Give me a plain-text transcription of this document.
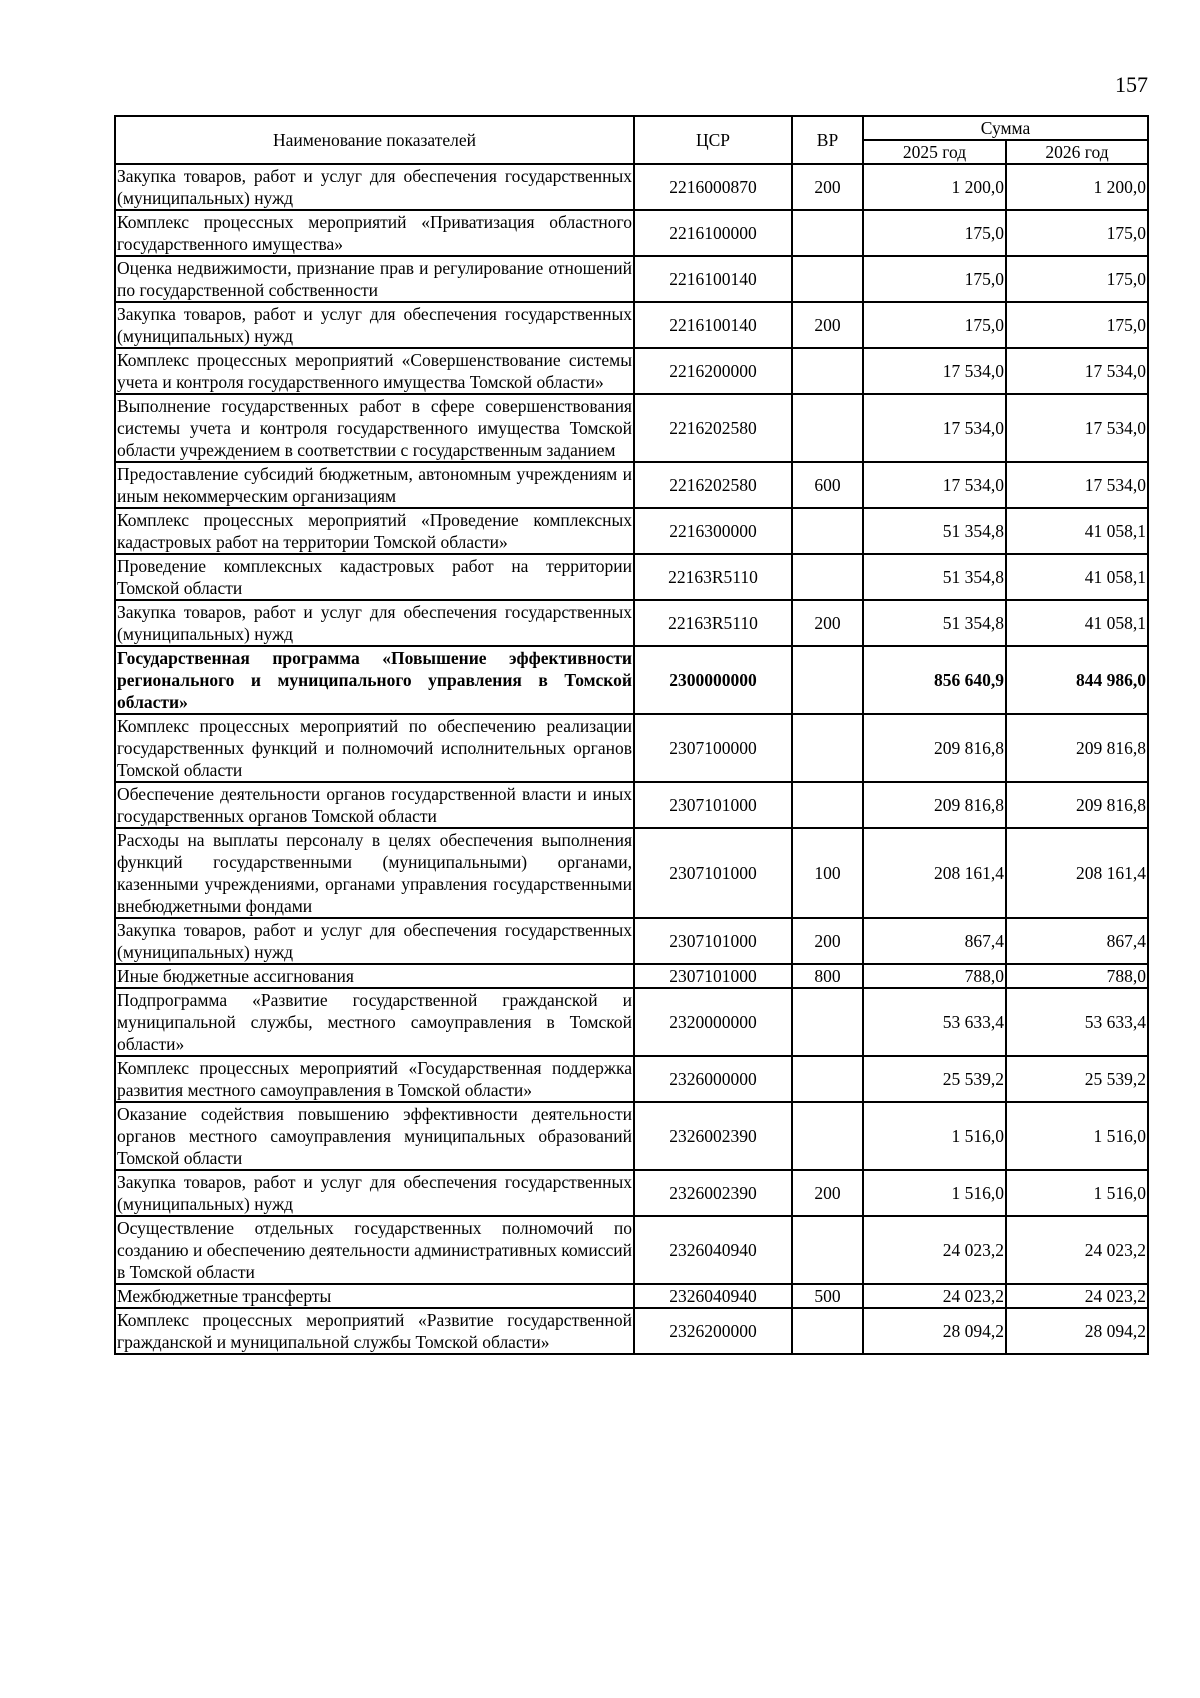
157
Наименование показателей	ЦСР	ВР	Сумма	
			2025 год	2026 год
Закупка товаров, работ и услуг для обеспечения государственных (муниципальных) нужд	2216000870	200	1 200,0	1 200,0
Комплекс процессных мероприятий «Приватизация областного государственного имущества»	2216100000		175,0	175,0
Оценка недвижимости, признание прав и регулирование отношений по государственной собственности	2216100140		175,0	175,0
Закупка товаров, работ и услуг для обеспечения государственных (муниципальных) нужд	2216100140	200	175,0	175,0
Комплекс процессных мероприятий «Совершенствование системы учета и контроля государственного имущества Томской области»	2216200000		17 534,0	17 534,0
Выполнение государственных работ в сфере совершенствования системы учета и контроля государственного имущества Томской области учреждением в соответствии с государственным заданием	2216202580		17 534,0	17 534,0
Предоставление субсидий бюджетным, автономным учреждениям и иным некоммерческим организациям	2216202580	600	17 534,0	17 534,0
Комплекс процессных мероприятий «Проведение комплексных кадастровых работ на территории Томской области»	2216300000		51 354,8	41 058,1
Проведение комплексных кадастровых работ на территории Томской области	22163R5110		51 354,8	41 058,1
Закупка товаров, работ и услуг для обеспечения государственных (муниципальных) нужд	22163R5110	200	51 354,8	41 058,1
Государственная программа «Повышение эффективности регионального и муниципального управления в Томской области»	2300000000		856 640,9	844 986,0
Комплекс процессных мероприятий по обеспечению реализации государственных функций и полномочий исполнительных органов Томской области	2307100000		209 816,8	209 816,8
Обеспечение деятельности органов государственной власти и иных государственных органов Томской области	2307101000		209 816,8	209 816,8
Расходы на выплаты персоналу в целях обеспечения выполнения функций государственными (муниципальными) органами, казенными учреждениями, органами управления государственными внебюджетными фондами	2307101000	100	208 161,4	208 161,4
Закупка товаров, работ и услуг для обеспечения государственных (муниципальных) нужд	2307101000	200	867,4	867,4
Иные бюджетные ассигнования	2307101000	800	788,0	788,0
Подпрограмма «Развитие государственной гражданской и муниципальной службы, местного самоуправления в Томской области»	2320000000		53 633,4	53 633,4
Комплекс процессных мероприятий «Государственная поддержка развития местного самоуправления в Томской области»	2326000000		25 539,2	25 539,2
Оказание содействия повышению эффективности деятельности органов местного самоуправления муниципальных образований Томской области	2326002390		1 516,0	1 516,0
Закупка товаров, работ и услуг для обеспечения государственных (муниципальных) нужд	2326002390	200	1 516,0	1 516,0
Осуществление отдельных государственных полномочий по созданию и обеспечению деятельности административных комиссий в Томской области	2326040940		24 023,2	24 023,2
Межбюджетные трансферты	2326040940	500	24 023,2	24 023,2
Комплекс процессных мероприятий «Развитие государственной гражданской и муниципальной службы Томской области»	2326200000		28 094,2	28 094,2
